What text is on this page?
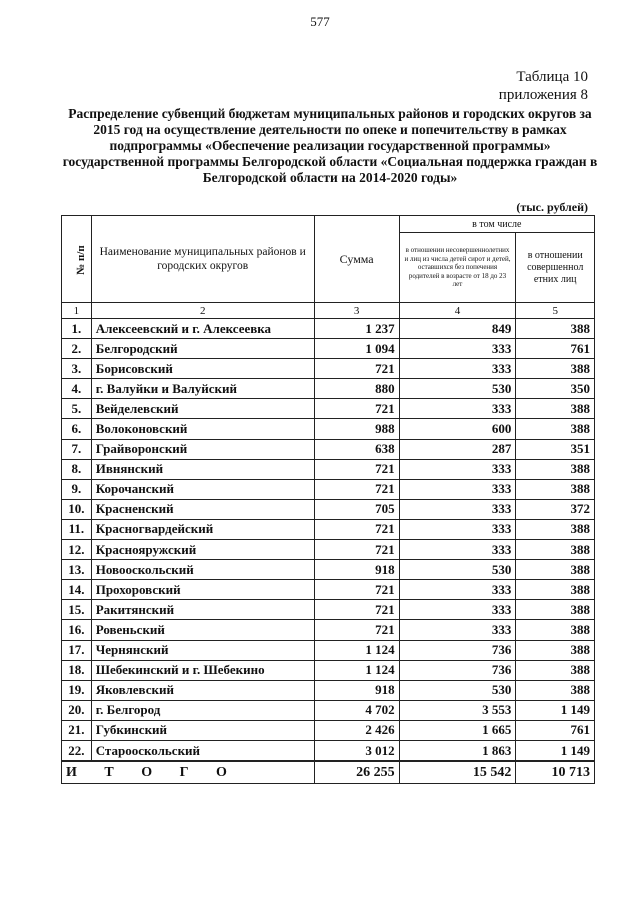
577
Таблица 10
приложения 8
Распределение субвенций бюджетам муниципальных районов и городских округов за 2015 год на осуществление деятельности по опеке и попечительству в рамках подпрограммы «Обеспечение реализации государственной программы» государственной программы Белгородской области «Социальная поддержка граждан в Белгородской области на 2014-2020 годы»
(тыс. рублей)
№ п/п	Наименование муниципальных районов и городских округов	Сумма	в том числе	
			в отношении несовершеннолетних и лиц из числа детей сирот и детей, оставшихся без попечения родителей в возрасте от 18 до 23 лет	в отношении совершеннол етних лиц
1	2	3	4	5
1.	Алексеевский и г. Алексеевка	1 237	849	388
2.	Белгородский	1 094	333	761
3.	Борисовский	721	333	388
4.	г. Валуйки и Валуйский	880	530	350
5.	Вейделевский	721	333	388
6.	Волоконовский	988	600	388
7.	Грайворонский	638	287	351
8.	Ивнянский	721	333	388
9.	Корочанский	721	333	388
10.	Красненский	705	333	372
11.	Красногвардейский	721	333	388
12.	Краснояружский	721	333	388
13.	Новооскольский	918	530	388
14.	Прохоровский	721	333	388
15.	Ракитянский	721	333	388
16.	Ровеньский	721	333	388
17.	Чернянский	1 124	736	388
18.	Шебекинский и г. Шебекино	1 124	736	388
19.	Яковлевский	918	530	388
20.	г. Белгород	4 702	3 553	1 149
21.	Губкинский	2 426	1 665	761
22.	Старооскольский	3 012	1 863	1 149
И Т О Г О		26 255	15 542	10 713
